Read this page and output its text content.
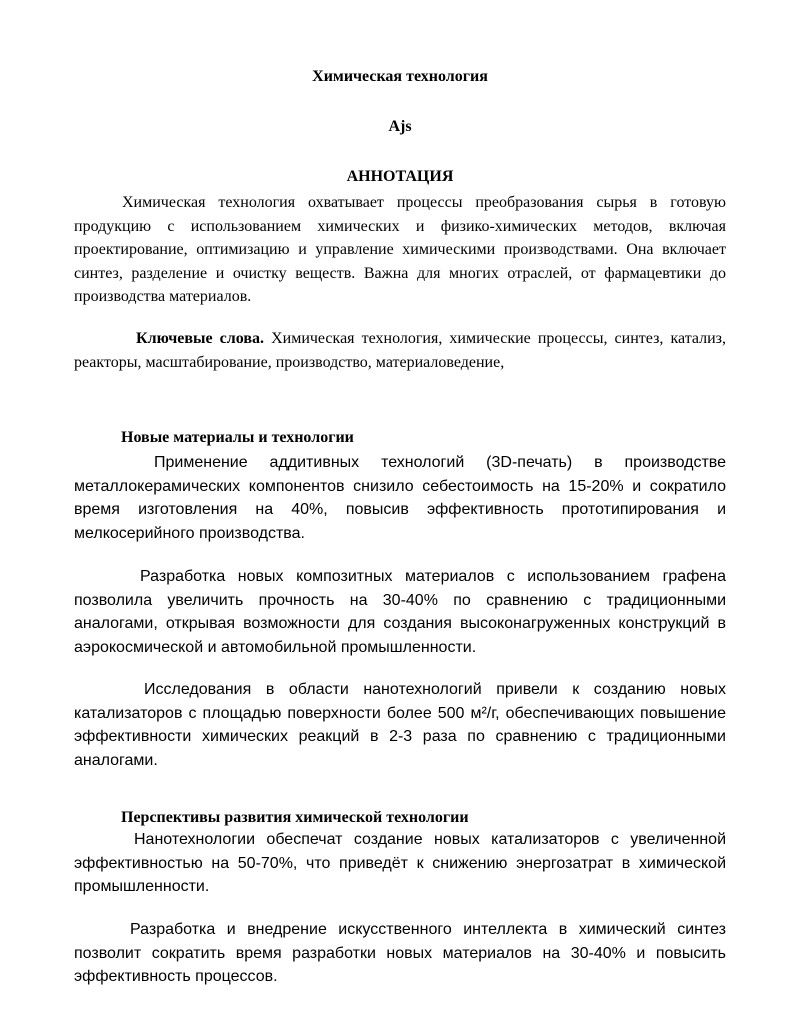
Химическая технология
Ajs
АННОТАЦИЯ
Химическая технология охватывает процессы преобразования сырья в готовую продукцию с использованием химических и физико-химических методов, включая проектирование, оптимизацию и управление химическими производствами. Она включает синтез, разделение и очистку веществ. Важна для многих отраслей, от фармацевтики до производства материалов.
Ключевые слова. Химическая технология, химические процессы, синтез, катализ, реакторы, масштабирование, производство, материаловедение,
Новые материалы и технологии
Применение аддитивных технологий (3D-печать) в производстве металлокерамических компонентов снизило себестоимость на 15-20% и сократило время изготовления на 40%, повысив эффективность прототипирования и мелкосерийного производства.
Разработка новых композитных материалов с использованием графена позволила увеличить прочность на 30-40% по сравнению с традиционными аналогами, открывая возможности для создания высоконагруженных конструкций в аэрокосмической и автомобильной промышленности.
Исследования в области нанотехнологий привели к созданию новых катализаторов с площадью поверхности более 500 м²/г, обеспечивающих повышение эффективности химических реакций в 2-3 раза по сравнению с традиционными аналогами.
Перспективы развития химической технологии
Нанотехнологии обеспечат создание новых катализаторов с увеличенной эффективностью на 50-70%, что приведёт к снижению энергозатрат в химической промышленности.
Разработка и внедрение искусственного интеллекта в химический синтез позволит сократить время разработки новых материалов на 30-40% и повысить эффективность процессов.
